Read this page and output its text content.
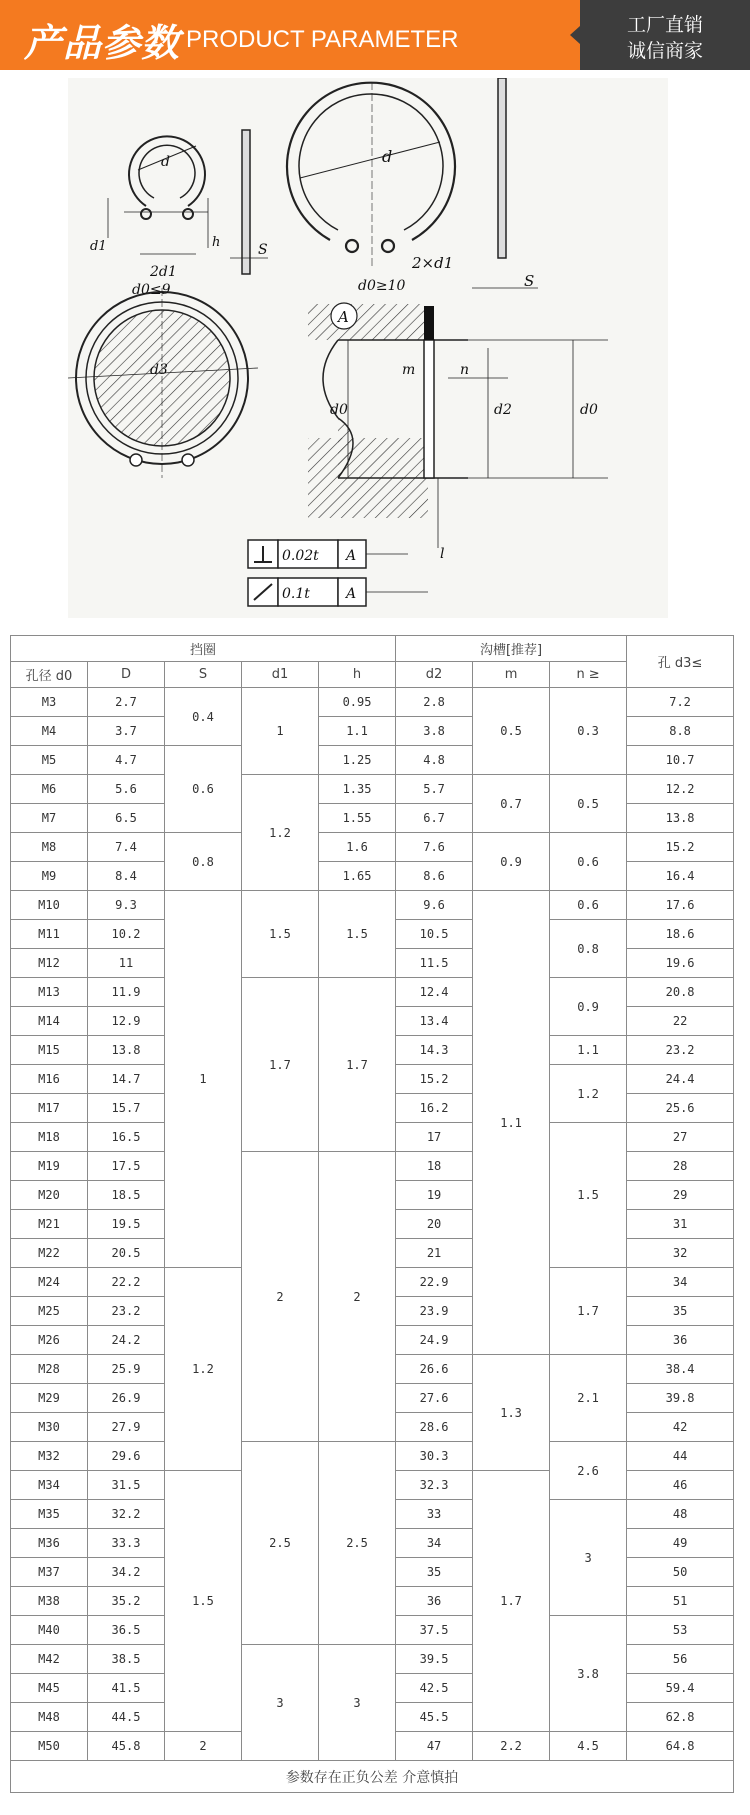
产品参数 PRODUCT PARAMETER
工厂直销
诚信商家
d
d1	h
2d1
S
d
2×d1
d0≥10	S
d0≤9
d3
A
m	n
d0	d2	d0
l
0.02t A
0.1t	A
挡圈					沟槽[推荐]			孔 d3≤
孔径 d0	D	S	d1	h	d2	m	n ≥	
M3	2.7	0.4	1	0.95	2.8	0.5	0.3	7.2
M4	3.7			1.1	3.8			8.8
M5	4.7	0.6		1.25	4.8			10.7
M6	5.6		1.2	1.35	5.7	0.7	0.5	12.2
M7	6.5			1.55	6.7			13.8
M8	7.4	0.8		1.6	7.6	0.9	0.6	15.2
M9	8.4			1.65	8.6			16.4
M10	9.3	1	1.5	1.5	9.6	1.1	0.6	17.6
M11	10.2				10.5		0.8	18.6
M12	11				11.5			19.6
M13	11.9		1.7	1.7	12.4		0.9	20.8
M14	12.9				13.4			22
M15	13.8				14.3		1.1	23.2
M16	14.7				15.2		1.2	24.4
M17	15.7				16.2			25.6
M18	16.5				17		1.5	27
M19	17.5		2	2	18			28
M20	18.5				19			29
M21	19.5				20			31
M22	20.5				21			32
M24	22.2	1.2			22.9		1.7	34
M25	23.2				23.9			35
M26	24.2				24.9			36
M28	25.9				26.6	1.3	2.1	38.4
M29	26.9				27.6			39.8
M30	27.9				28.6			42
M32	29.6		2.5	2.5	30.3		2.6	44
M34	31.5	1.5			32.3	1.7		46
M35	32.2				33		3	48
M36	33.3				34			49
M37	34.2				35			50
M38	35.2				36			51
M40	36.5				37.5		3.8	53
M42	38.5		3	3	39.5			56
M45	41.5				42.5			59.4
M48	44.5				45.5			62.8
M50	45.8	2			47	2.2	4.5	64.8
参数存在正负公差 介意慎拍								
